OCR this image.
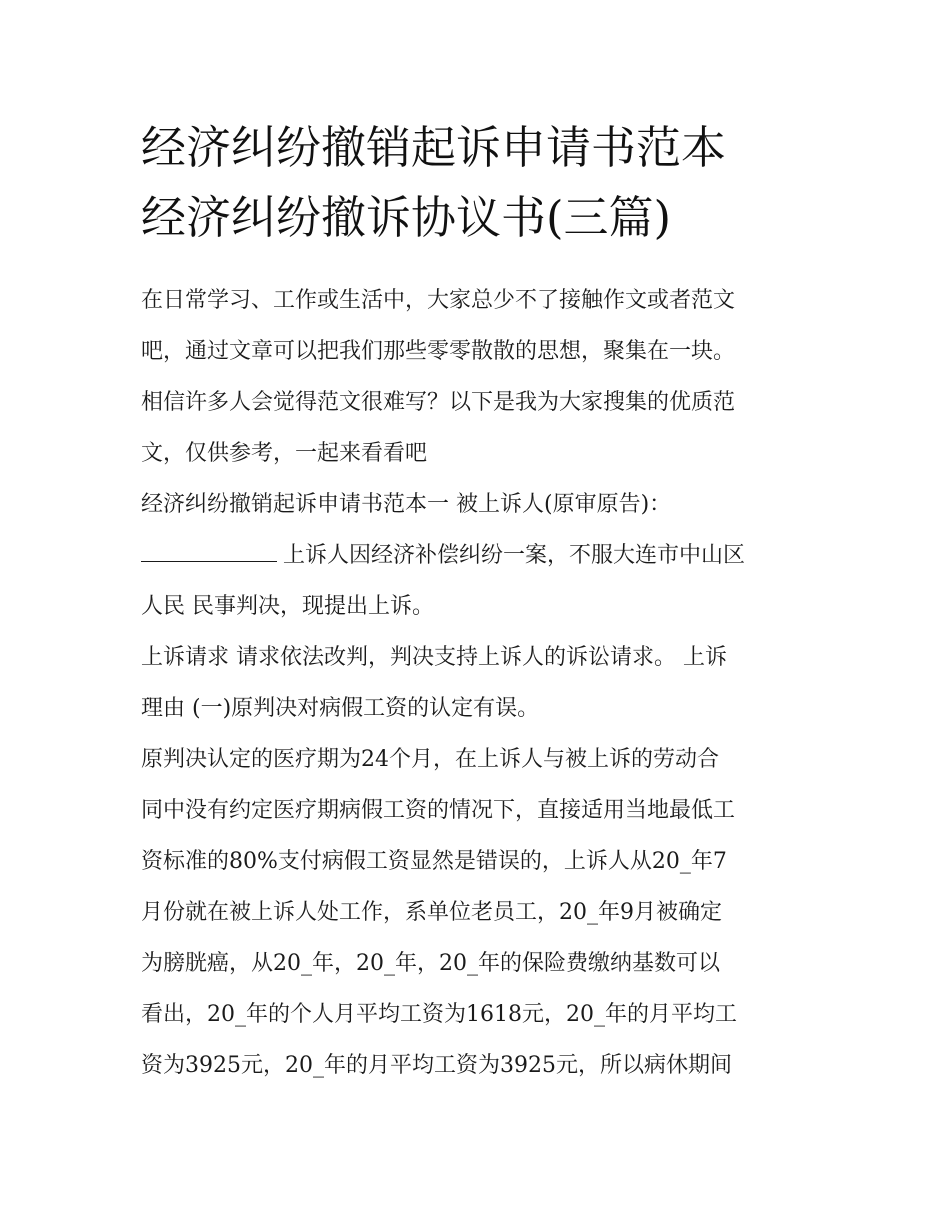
经济纠纷撤销起诉申请书范本
经济纠纷撤诉协议书(三篇)
在日常学习、工作或生活中，大家总少不了接触作文或者范文
吧，通过文章可以把我们那些零零散散的思想，聚集在一块。
相信许多人会觉得范文很难写？以下是我为大家搜集的优质范
文，仅供参考，一起来看看吧
经济纠纷撤销起诉申请书范本一 被上诉人(原审原告)：
上诉人因经济补偿纠纷一案，不服大连市中山区
人民 民事判决，现提出上诉。
上诉请求 请求依法改判，判决支持上诉人的诉讼请求。 上诉
理由 (一)原判决对病假工资的认定有误。
原判决认定的医疗期为24个月，在上诉人与被上诉的劳动合
同中没有约定医疗期病假工资的情况下，直接适用当地最低工
资标准的80%支付病假工资显然是错误的，上诉人从20_年7
月份就在被上诉人处工作，系单位老员工，20_年9月被确定
为膀胱癌，从20_年，20_年，20_年的保险费缴纳基数可以
看出，20_年的个人月平均工资为1618元，20_年的月平均工
资为3925元，20_年的月平均工资为3925元，所以病休期间
